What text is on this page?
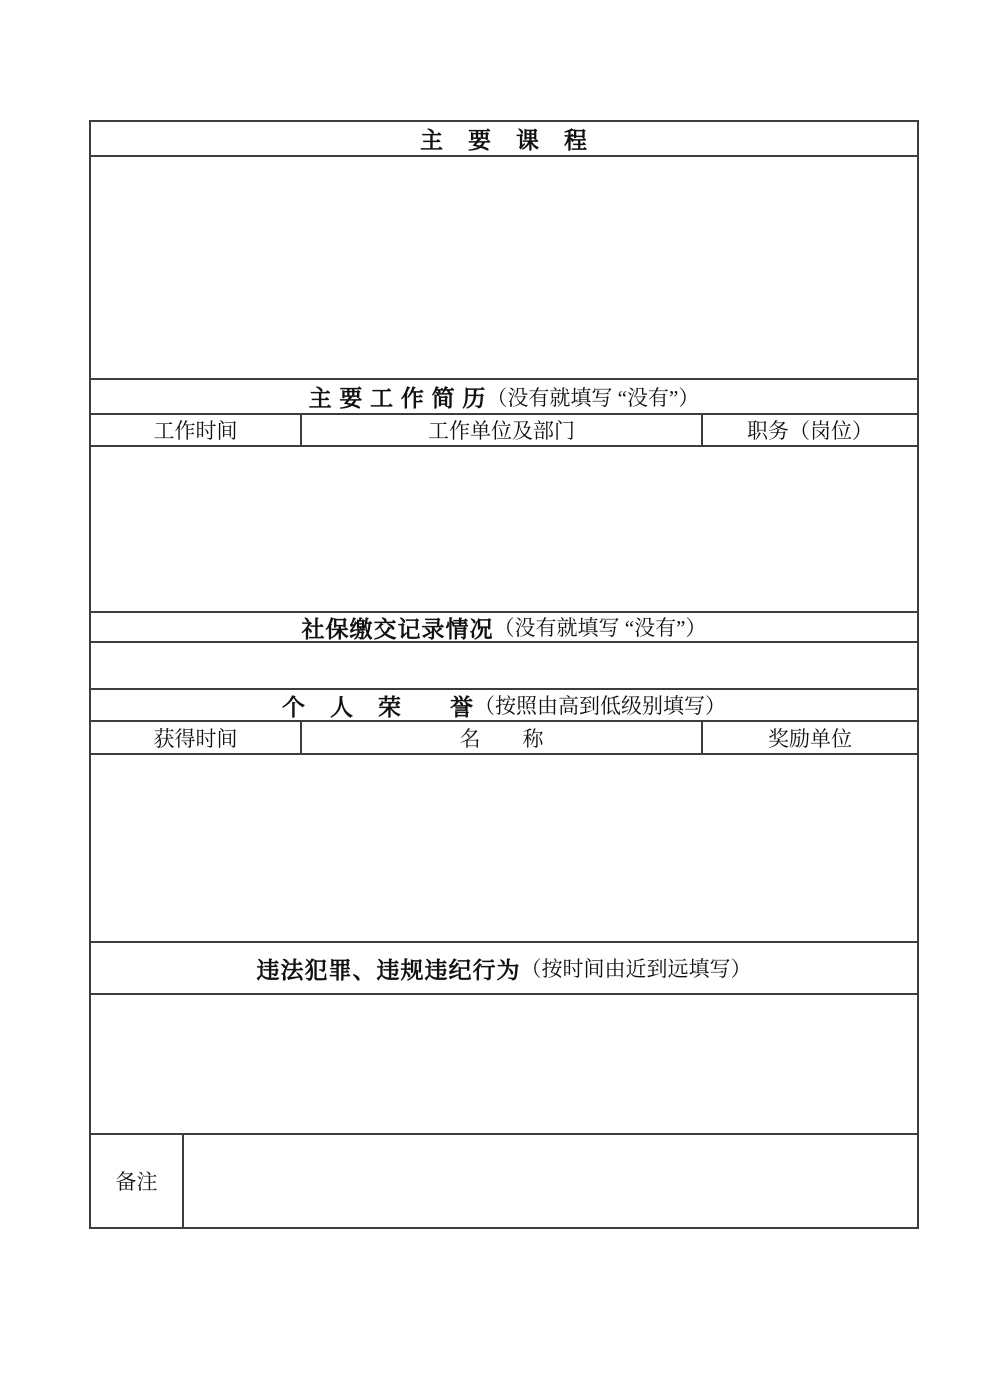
主　要　课　程
主 要 工 作 简 历 （没有就填写 “没有”）
工作时间	工作单位及部门	职务（岗位）
社保缴交记录情况 （没有就填写 “没有”）
个　人　荣　　誉 （按照由高到低级别填写）
获得时间	名　　称	奖励单位
违法犯罪、违规违纪行为 （按时间由近到远填写）
备注
